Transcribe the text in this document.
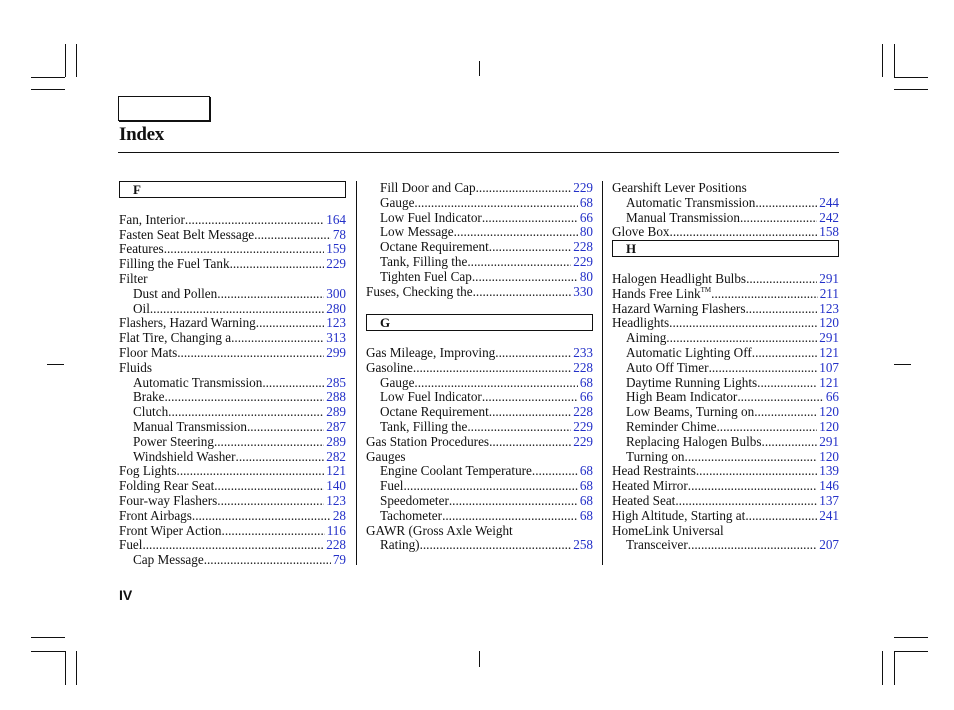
Index
F
Fan, Interior .....	164
Fasten Seat Belt Message .....	78
Features .....	159
Filling the Fuel Tank .....	229
Filter
Dust and Pollen .....	300
Oil .....	280
Flashers, Hazard Warning .....	123
Flat Tire, Changing a .....	313
Floor Mats .....	299
Fluids
Automatic Transmission .....	285
Brake .....	288
Clutch .....	289
Manual Transmission .....	287
Power Steering .....	289
Windshield Washer .....	282
Fog Lights .....	121
Folding Rear Seat .....	140
Four-way Flashers .....	123
Front Airbags .....	28
Front Wiper Action .....	116
Fuel .....	228
Cap Message .....	79
Fill Door and Cap .....	229
Gauge .....	68
Low Fuel Indicator .....	66
Low Message .....	80
Octane Requirement .....	228
Tank, Filling the .....	229
Tighten Fuel Cap .....	80
Fuses, Checking the .....	330
G
Gas Mileage, Improving .....	233
Gasoline .....	228
Gauge .....	68
Low Fuel Indicator .....	66
Octane Requirement .....	228
Tank, Filling the .....	229
Gas Station Procedures .....	229
Gauges
Engine Coolant Temperature .....	68
Fuel .....	68
Speedometer .....	68
Tachometer .....	68
GAWR (Gross Axle Weight
Rating) .....	258
Gearshift Lever Positions
Automatic Transmission .....	244
Manual Transmission .....	242
Glove Box .....	158
H
Halogen Headlight Bulbs .....	291
Hands Free Link™ .....	211
Hazard Warning Flashers .....	123
Headlights .....	120
Aiming .....	291
Automatic Lighting Off .....	121
Auto Off Timer .....	107
Daytime Running Lights .....	121
High Beam Indicator .....	66
Low Beams, Turning on .....	120
Reminder Chime .....	120
Replacing Halogen Bulbs .....	291
Turning on .....	120
Head Restraints .....	139
Heated Mirror .....	146
Heated Seat .....	137
High Altitude, Starting at .....	241
HomeLink Universal
Transceiver .....	207
IV
